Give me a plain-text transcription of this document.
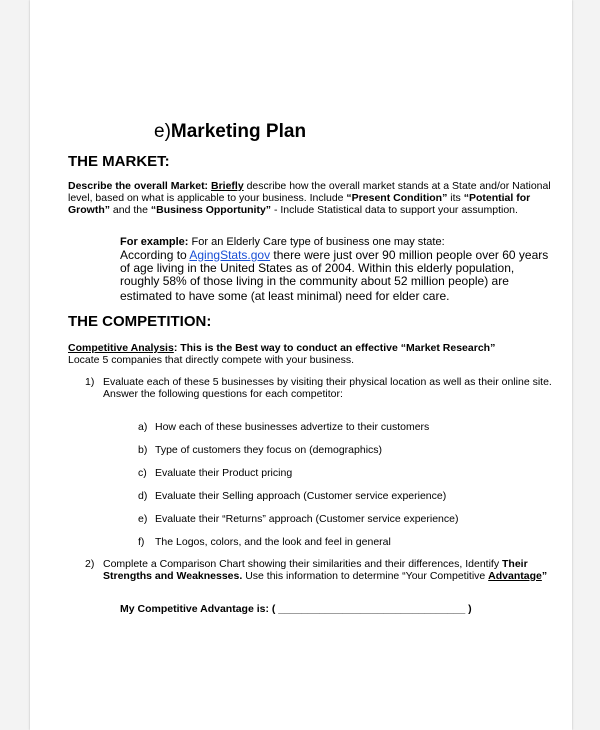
e)Marketing Plan
THE MARKET:
Describe the overall Market: Briefly describe how the overall market stands at a State and/or National
level, based on what is applicable to your business. Include “Present Condition” its “Potential for
Growth” and the “Business Opportunity” - Include Statistical data to support your assumption.
For example: For an Elderly Care type of business one may state:
According to AgingStats.gov there were just over 90 million people over 60 years
of age living in the United States as of 2004. Within this elderly population,
roughly 58% of those living in the community about 52 million people) are
estimated to have some (at least minimal) need for elder care.
THE COMPETITION:
Competitive Analysis: This is the Best way to conduct an effective “Market Research”
Locate 5 companies that directly compete with your business.
1) Evaluate each of these 5 businesses by visiting their physical location as well as their online site.
Answer the following questions for each competitor:
a) How each of these businesses advertize to their customers
b) Type of customers they focus on (demographics)
c) Evaluate their Product pricing
d) Evaluate their Selling approach (Customer service experience)
e) Evaluate their “Returns” approach (Customer service experience)
f) The Logos, colors, and the look and feel in general
2) Complete a Comparison Chart showing their similarities and their differences, Identify Their
Strengths and Weaknesses. Use this information to determine “Your Competitive Advantage”
My Competitive Advantage is: ( ________________________________ )
